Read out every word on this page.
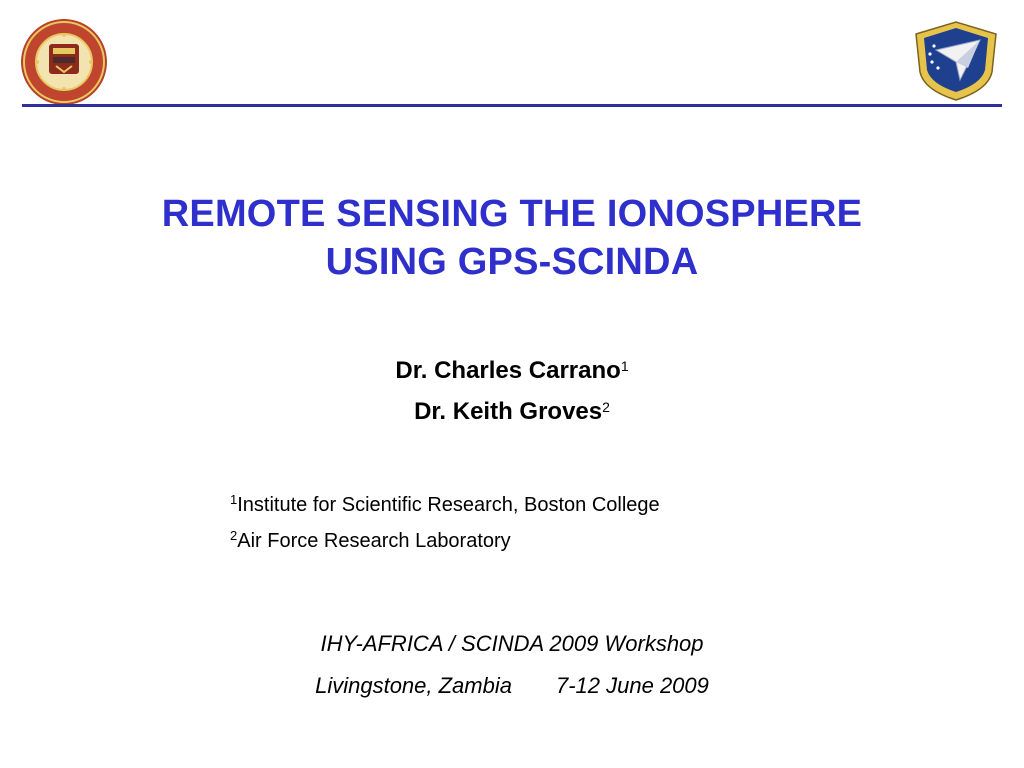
REMOTE SENSING THE IONOSPHERE
USING GPS-SCINDA
Dr. Charles Carrano$^1$
Dr. Keith Groves$^2$
$^1$Institute for Scientific Research, Boston College
$^2$Air Force Research Laboratory
IHY-AFRICA / SCINDA 2009 Workshop
Livingstone, Zambia 7-12 June 2009
